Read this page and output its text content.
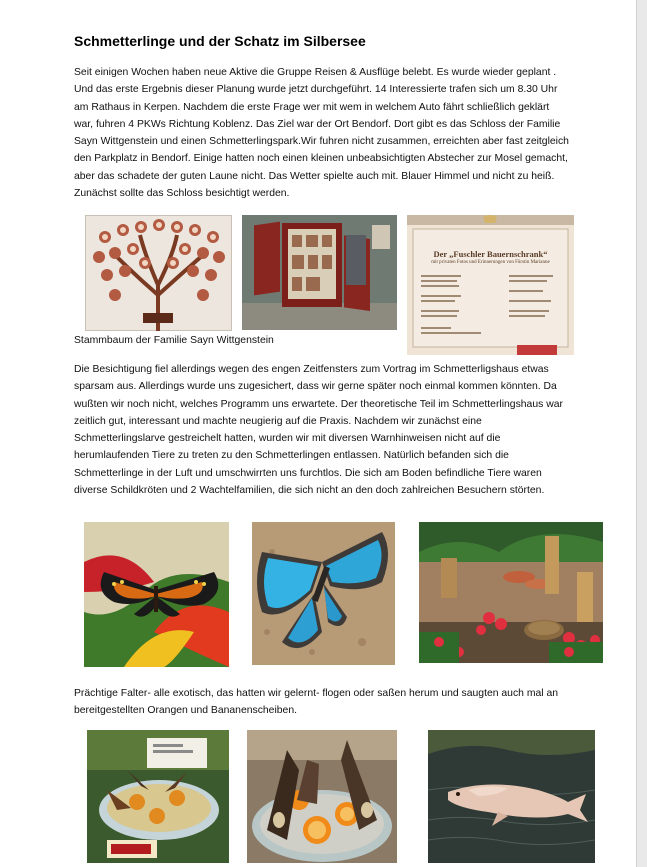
Schmetterlinge und der Schatz im Silbersee

Seit einigen Wochen haben neue Aktive die Gruppe Reisen & Ausflüge belebt. Es wurde wieder geplant . Und das erste Ergebnis dieser Planung wurde jetzt durchgeführt. 14 Interessierte trafen sich um 8.30 Uhr am Rathaus in Kerpen. Nachdem die erste Frage wer mit wem in welchem Auto fährt schließlich geklärt war, fuhren 4 PKWs Richtung Koblenz. Das Ziel war der Ort Bendorf. Dort gibt es das Schloss der Familie Sayn Wittgenstein und einen Schmetterlingspark.Wir fuhren nicht zusammen, erreichten aber fast zeitgleich den Parkplatz in Bendorf. Einige hatten noch einen kleinen unbeabsichtigten Abstecher zur Mosel gemacht, aber das schadete der guten Laune nicht. Das Wetter spielte auch mit. Blauer Himmel und nicht zu heiß. Zunächst sollte das Schloss besichtigt werden.

Der „Fuschler Bauernschrank“
mit privaten Fotos und Erinnerungen von Fürstin Marianne
Stammbaum der Familie Sayn Wittgenstein

Die Besichtigung fiel allerdings wegen des engen Zeitfensters zum Vortrag im Schmetterligshaus etwas sparsam aus. Allerdings wurde uns zugesichert, dass wir gerne später noch einmal kommen könnten. Da wußten wir noch nicht, welches Programm uns erwartete. Der theoretische Teil im Schmetterlingshaus war zeitlich gut, interessant und machte neugierig auf die Praxis. Nachdem wir zunächst eine Schmetterlingslarve gestreichelt hatten, wurden wir mit diversen Warnhinweisen nicht auf die herumlaufenden Tiere zu treten zu den Schmetterlingen entlassen. Natürlich befanden sich die Schmetterlinge in der Luft und umschwirrten uns furchtlos. Die sich am Boden befindliche Tiere waren diverse Schildkröten und 2 Wachtelfamilien, die sich nicht an den doch zahlreichen Besuchern störten.

Prächtige Falter- alle exotisch, das hatten wir gelernt- flogen oder saßen herum und saugten auch mal an bereitgestellten Orangen und Bananenscheiben.
